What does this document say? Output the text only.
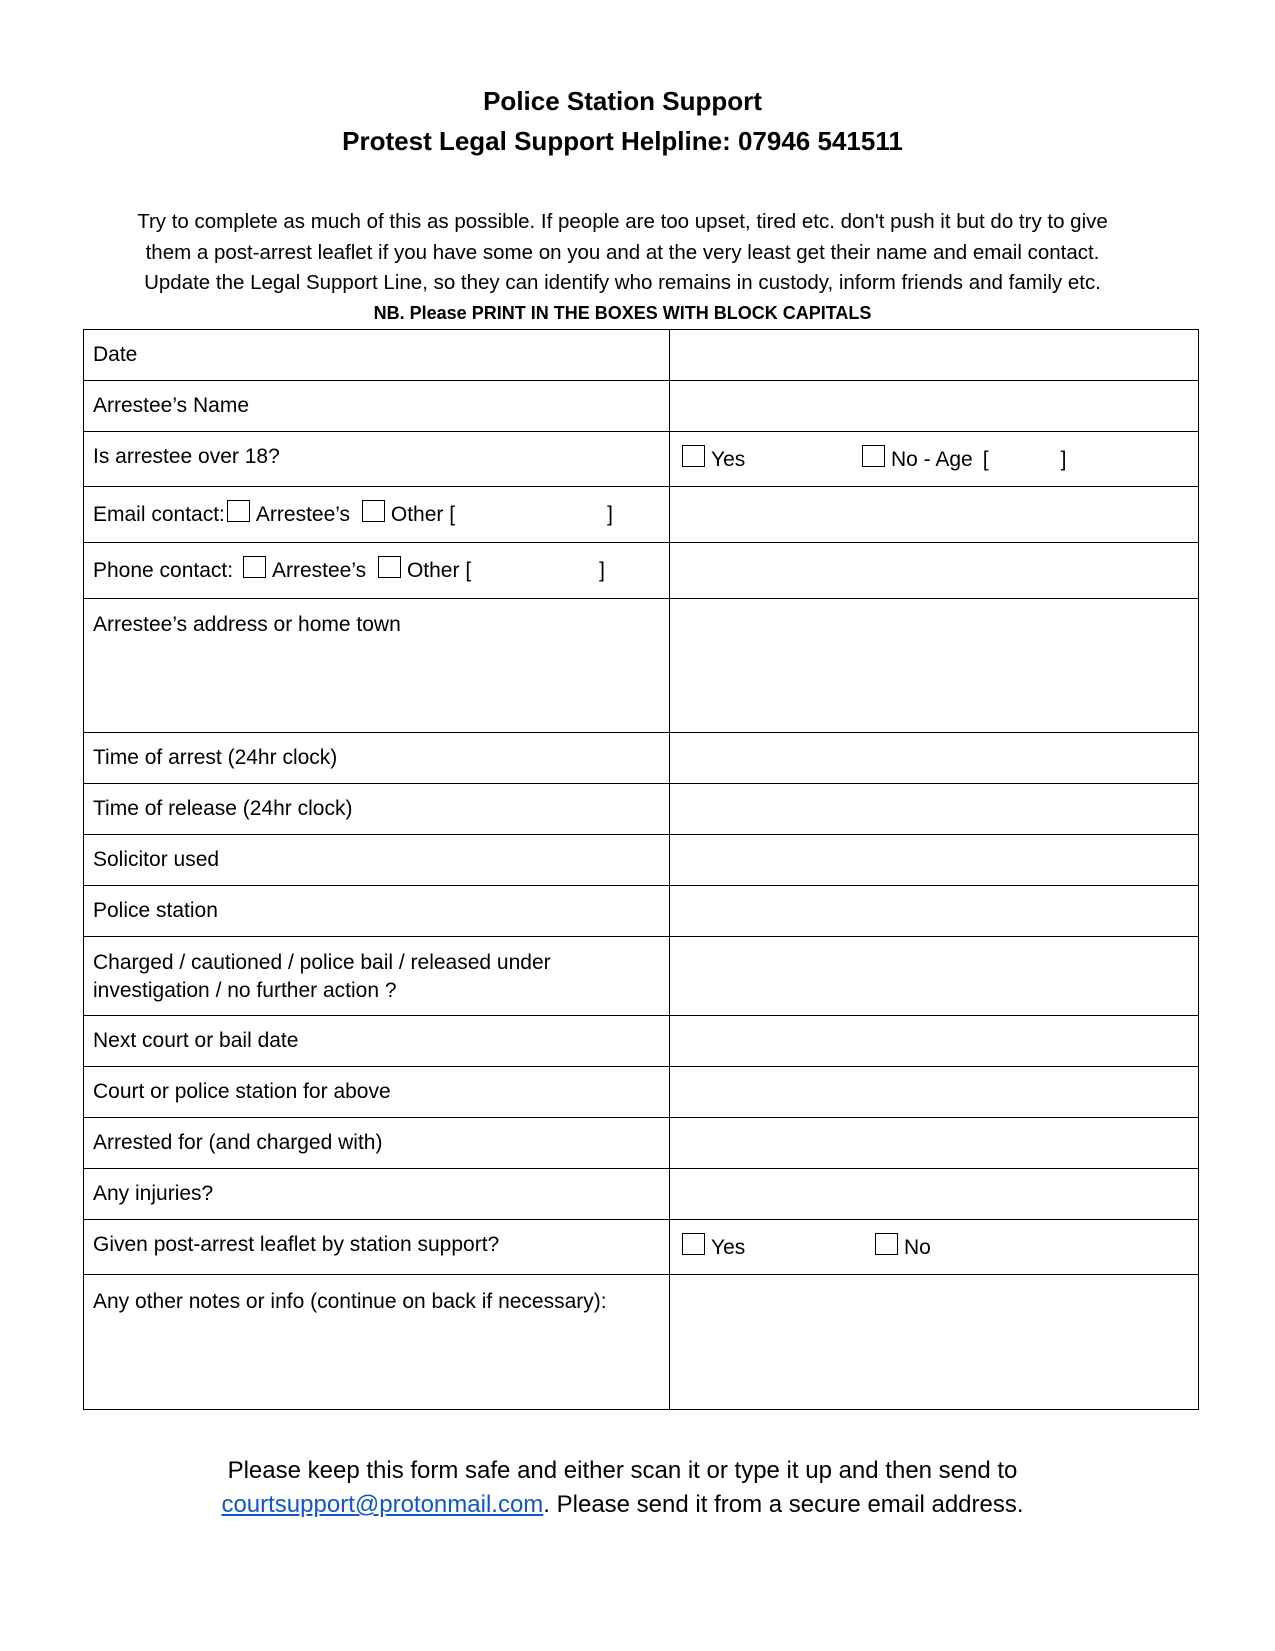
Police Station Support
Protest Legal Support Helpline: 07946 541511
Try to complete as much of this as possible. If people are too upset, tired etc. don't push it but do try to give
them a post-arrest leaflet if you have some on you and at the very least get their name and email contact.
Update the Legal Support Line, so they can identify who remains in custody, inform friends and family etc.
NB. Please PRINT IN THE BOXES WITH BLOCK CAPITALS
Date	
Arrestee’s Name	
Is arrestee over 18?	Yes No - Age [ ]

Email contact: Arrestee’s Other [ ]	
Phone contact: Arrestee’s Other [ ]	
Arrestee’s address or home town	
Time of arrest (24hr clock)	
Time of release (24hr clock)	
Solicitor used	
Police station	

Charged / cautioned / police bail / released under
investigation / no further action ?	

Next court or bail date	
Court or police station for above	
Arrested for (and charged with)	
Any injuries?	
Given post-arrest leaflet by station support?	Yes No

Any other notes or info (continue on back if necessary):	
Please keep this form safe and either scan it or type it up and then send to
courtsupport@protonmail.com. Please send it from a secure email address.
